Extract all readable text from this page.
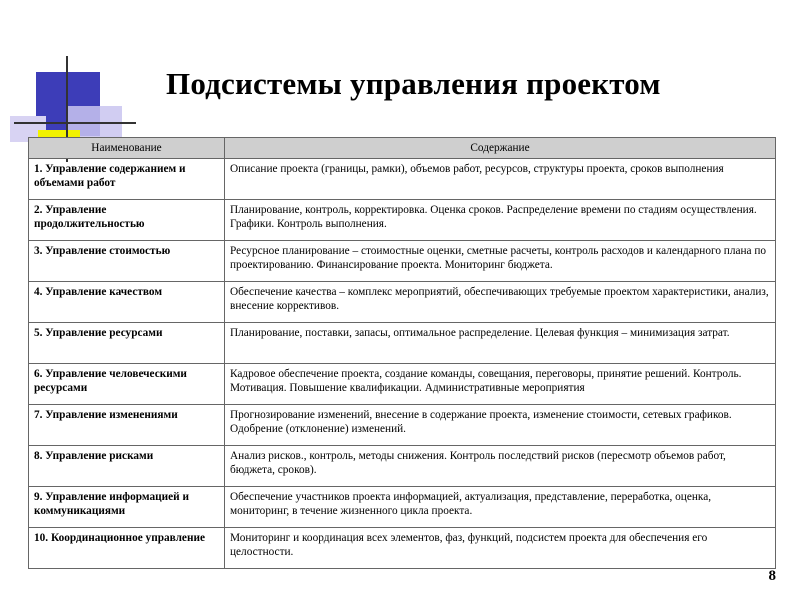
Подсистемы управления проектом
Наименование	Содержание
1. Управление содержанием и объемами работ	Описание проекта (границы, рамки), объемов работ, ресурсов, структуры проекта, сроков выполнения
2. Управление продолжительностью	Планирование, контроль, корректировка. Оценка сроков. Распределение времени по стадиям осуществления. Графики. Контроль выполнения.
3. Управление стоимостью	Ресурсное планирование – стоимостные оценки, сметные расчеты, контроль расходов и календарного плана по проектированию. Финансирование проекта. Мониторинг бюджета.
4. Управление качеством	Обеспечение качества – комплекс мероприятий, обеспечивающих требуемые проектом характеристики, анализ, внесение коррективов.
5. Управление ресурсами	Планирование, поставки, запасы, оптимальное распределение. Целевая функция – минимизация затрат.
6. Управление человеческими ресурсами	Кадровое обеспечение проекта, создание команды, совещания, переговоры, принятие решений. Контроль. Мотивация. Повышение квалификации. Административные мероприятия
7. Управление изменениями	Прогнозирование изменений, внесение в содержание проекта, изменение стоимости, сетевых графиков. Одобрение (отклонение) изменений.
8. Управление рисками	Анализ рисков., контроль, методы снижения. Контроль последствий рисков (пересмотр объемов работ, бюджета, сроков).
9. Управление информацией и коммуникациями	Обеспечение участников проекта информацией, актуализация, представление, переработка, оценка, мониторинг, в течение жизненного цикла проекта.
10. Координационное управление	Мониторинг и координация всех элементов, фаз, функций, подсистем проекта для обеспечения его целостности.
8
